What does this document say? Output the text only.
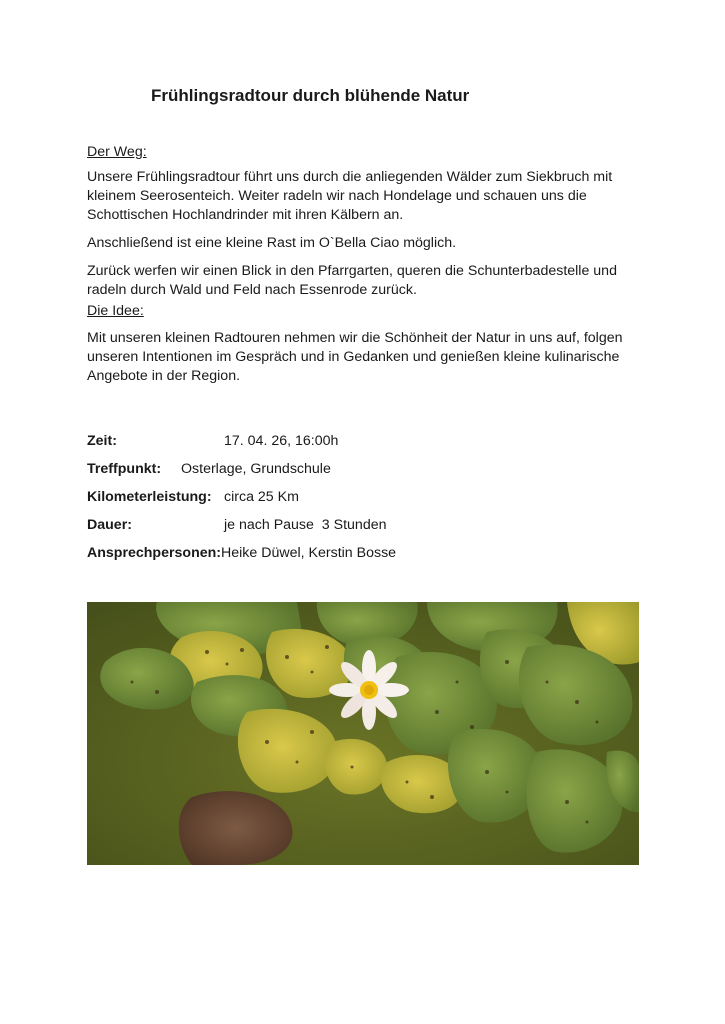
Frühlingsradtour durch blühende Natur

Der Weg:

Unsere Frühlingsradtour führt uns durch die anliegenden Wälder zum Siekbruch mit kleinem Seerosenteich. Weiter radeln wir nach Hondelage und schauen uns die Schottischen Hochlandrinder mit ihren Kälbern an.

Anschließend ist eine kleine Rast im O`Bella Ciao möglich.

Zurück werfen wir einen Blick in den Pfarrgarten, queren die Schunterbadestelle und radeln durch Wald und Feld nach Essenrode zurück.

Die Idee:

Mit unseren kleinen Radtouren nehmen wir die Schönheit der Natur in uns auf, folgen unseren Intentionen im Gespräch und in Gedanken und genießen kleine kulinarische Angebote in der Region.

Zeit:	17. 04. 26, 16:00h
Treffpunkt: Osterlage, Grundschule
Kilometerleistung: circa 25 Km
Dauer:	je nach Pause  3 Stunden
Ansprechpersonen: Heike Düwel, Kerstin Bosse
